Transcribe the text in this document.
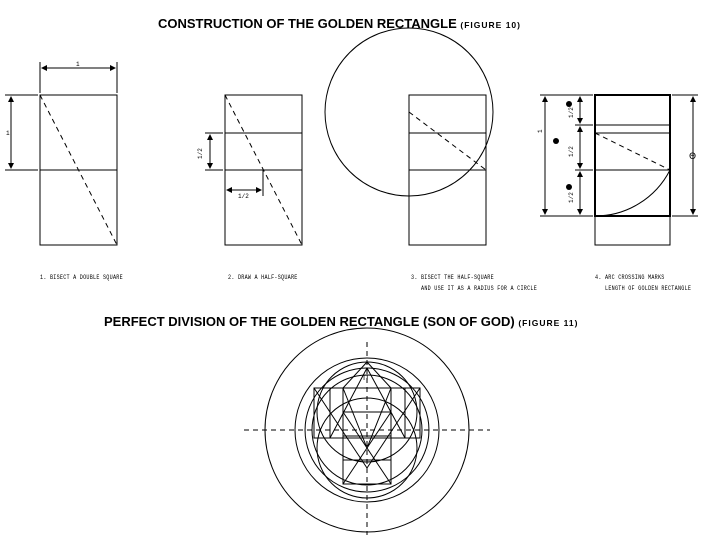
CONSTRUCTION OF THE GOLDEN RECTANGLE (FIGURE 10)
PERFECT DIVISION OF THE GOLDEN RECTANGLE (SON OF GOD) (FIGURE 11)
1. BISECT A DOUBLE SQUARE	2. DRAW A HALF-SQUARE	3. BISECT THE HALF-SQUARE
AND USE IT AS A RADIUS FOR A CIRCLE
4. ARC CROSSING MARKS
LENGTH OF GOLDEN RECTANGLE
1
1
1/2
1/2
1/2
1
1/2
1/2
Θ
Π
